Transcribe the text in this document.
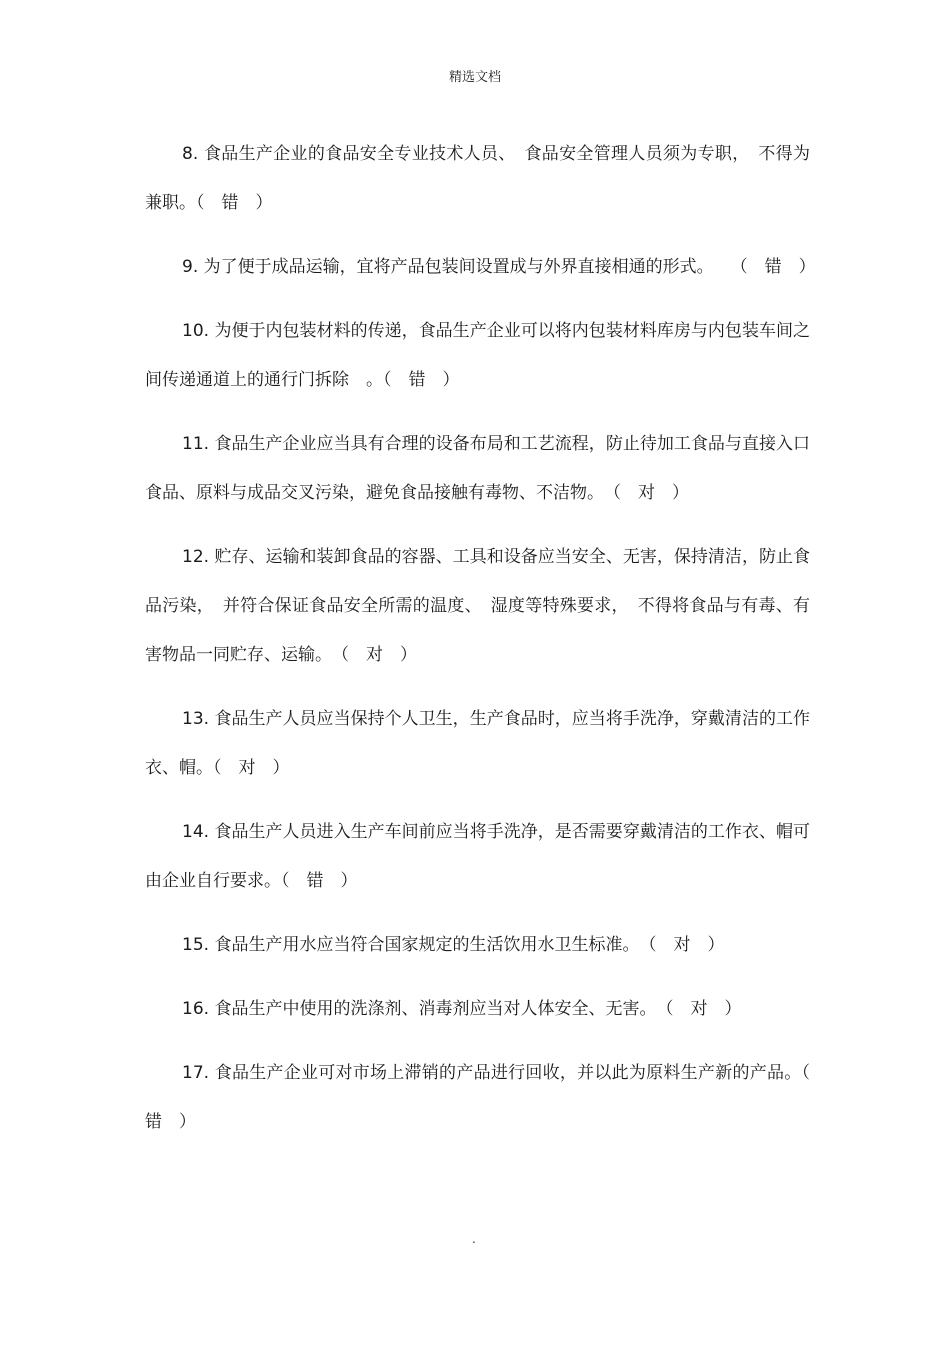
精选文档

8. 食品生产企业的食品安全专业技术人员、　食品安全管理人员须为专职，　不得为兼职。（　错　）

9. 为了便于成品运输，宜将产品包装间设置成与外界直接相通的形式。　　（　错　）

10. 为便于内包装材料的传递，食品生产企业可以将内包装材料库房与内包装车间之间传递通道上的通行门拆除　。（　错　）

11. 食品生产企业应当具有合理的设备布局和工艺流程，防止待加工食品与直接入口食品、原料与成品交叉污染，避免食品接触有毒物、不洁物。　（　对　）

12. 贮存、运输和装卸食品的容器、工具和设备应当安全、无害，保持清洁，防止食品污染，　并符合保证食品安全所需的温度、　湿度等特殊要求，　不得将食品与有毒、有害物品一同贮存、运输。　（　对　）

13. 食品生产人员应当保持个人卫生，生产食品时，应当将手洗净，穿戴清洁的工作衣、帽。（　对　）

14. 食品生产人员进入生产车间前应当将手洗净，是否需要穿戴清洁的工作衣、帽可由企业自行要求。（　错　）

15. 食品生产用水应当符合国家规定的生活饮用水卫生标准。　（　对　）

16. 食品生产中使用的洗涤剂、消毒剂应当对人体安全、无害。　（　对　）

17. 食品生产企业可对市场上滞销的产品进行回收，并以此为原料生产新的产品。（　错　）

.
